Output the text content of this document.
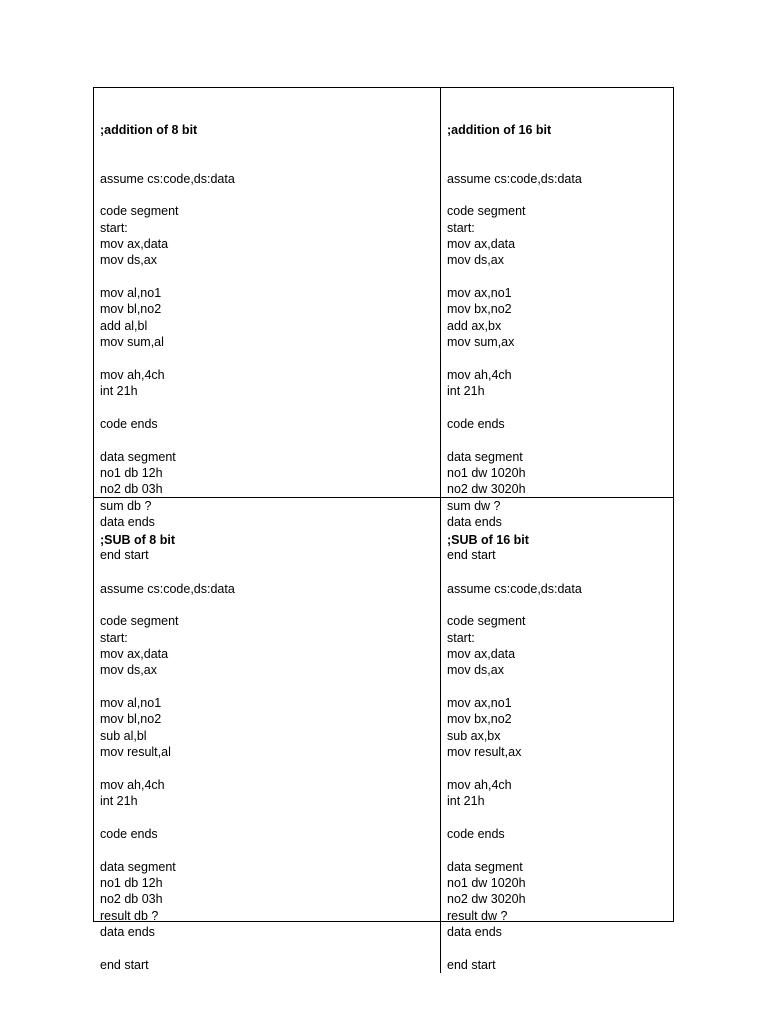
;addition of 8 bit

assume cs:code,ds:data
code segment
start:
mov ax,data
mov ds,ax
mov al,no1
mov bl,no2
add al,bl
mov sum,al
mov ah,4ch
int 21h
code ends
data segment
no1 db 12h
no2 db 03h
sum db ?
data ends
end start

;addition of 16 bit

assume cs:code,ds:data
code segment
start:
mov ax,data
mov ds,ax
mov ax,no1
mov bx,no2
add ax,bx
mov sum,ax
mov ah,4ch
int 21h
code ends
data segment
no1 dw 1020h
no2 dw 3020h
sum dw ?
data ends
end start

;SUB of 8 bit

assume cs:code,ds:data
code segment
start:
mov ax,data
mov ds,ax
mov al,no1
mov bl,no2
sub al,bl
mov result,al
mov ah,4ch
int 21h
code ends
data segment
no1 db 12h
no2 db 03h
result db ?
data ends
end start

;SUB of 16 bit

assume cs:code,ds:data
code segment
start:
mov ax,data
mov ds,ax
mov ax,no1
mov bx,no2
sub ax,bx
mov result,ax
mov ah,4ch
int 21h
code ends
data segment
no1 dw 1020h
no2 dw 3020h
result dw ?
data ends
end start
